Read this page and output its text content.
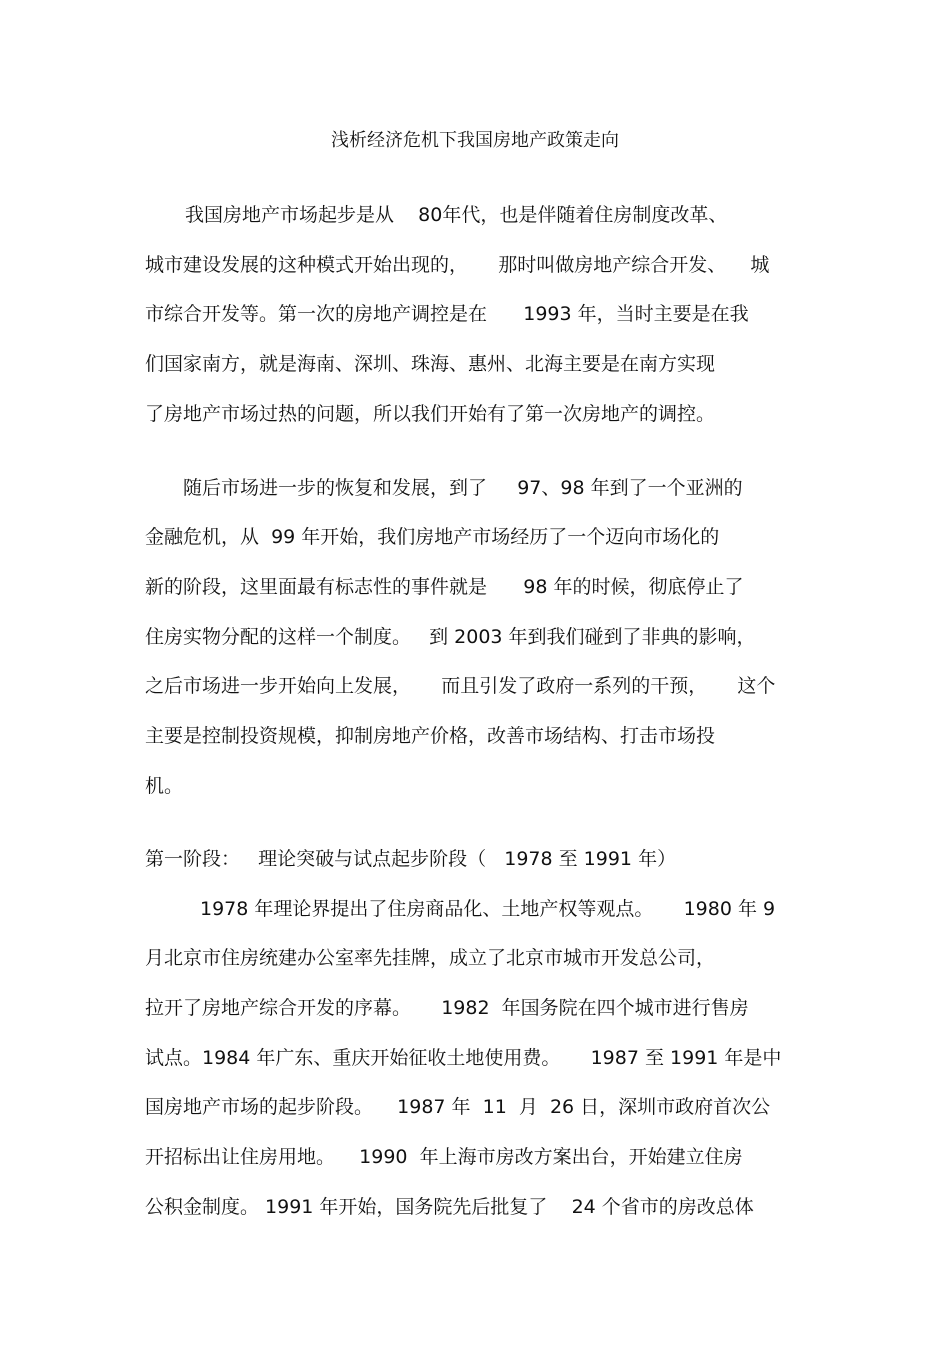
浅析经济危机下我国房地产政策走向
我国房地产市场起步是从    80年代，也是伴随着住房制度改革、
城市建设发展的这种模式开始出现的，     那时叫做房地产综合开发、    城
市综合开发等。第一次的房地产调控是在      1993 年，当时主要是在我
们国家南方，就是海南、深圳、珠海、惠州、北海主要是在南方实现
了房地产市场过热的问题，所以我们开始有了第一次房地产的调控。
随后市场进一步的恢复和发展，到了     97、98 年到了一个亚洲的
金融危机，从  99 年开始，我们房地产市场经历了一个迈向市场化的
新的阶段，这里面最有标志性的事件就是      98 年的时候，彻底停止了
住房实物分配的这样一个制度。   到 2003 年到我们碰到了非典的影响，
之后市场进一步开始向上发展，     而且引发了政府一系列的干预，     这个
主要是控制投资规模，抑制房地产价格，改善市场结构、打击市场投
机。
第一阶段：   理论突破与试点起步阶段（   1978 至 1991 年）
1978 年理论界提出了住房商品化、土地产权等观点。     1980 年 9
月北京市住房统建办公室率先挂牌，成立了北京市城市开发总公司，
拉开了房地产综合开发的序幕。     1982  年国务院在四个城市进行售房
试点。1984 年广东、重庆开始征收土地使用费。     1987 至 1991 年是中
国房地产市场的起步阶段。    1987 年  11  月  26 日，深圳市政府首次公
开招标出让住房用地。    1990  年上海市房改方案出台，开始建立住房
公积金制度。 1991 年开始，国务院先后批复了    24 个省市的房改总体
